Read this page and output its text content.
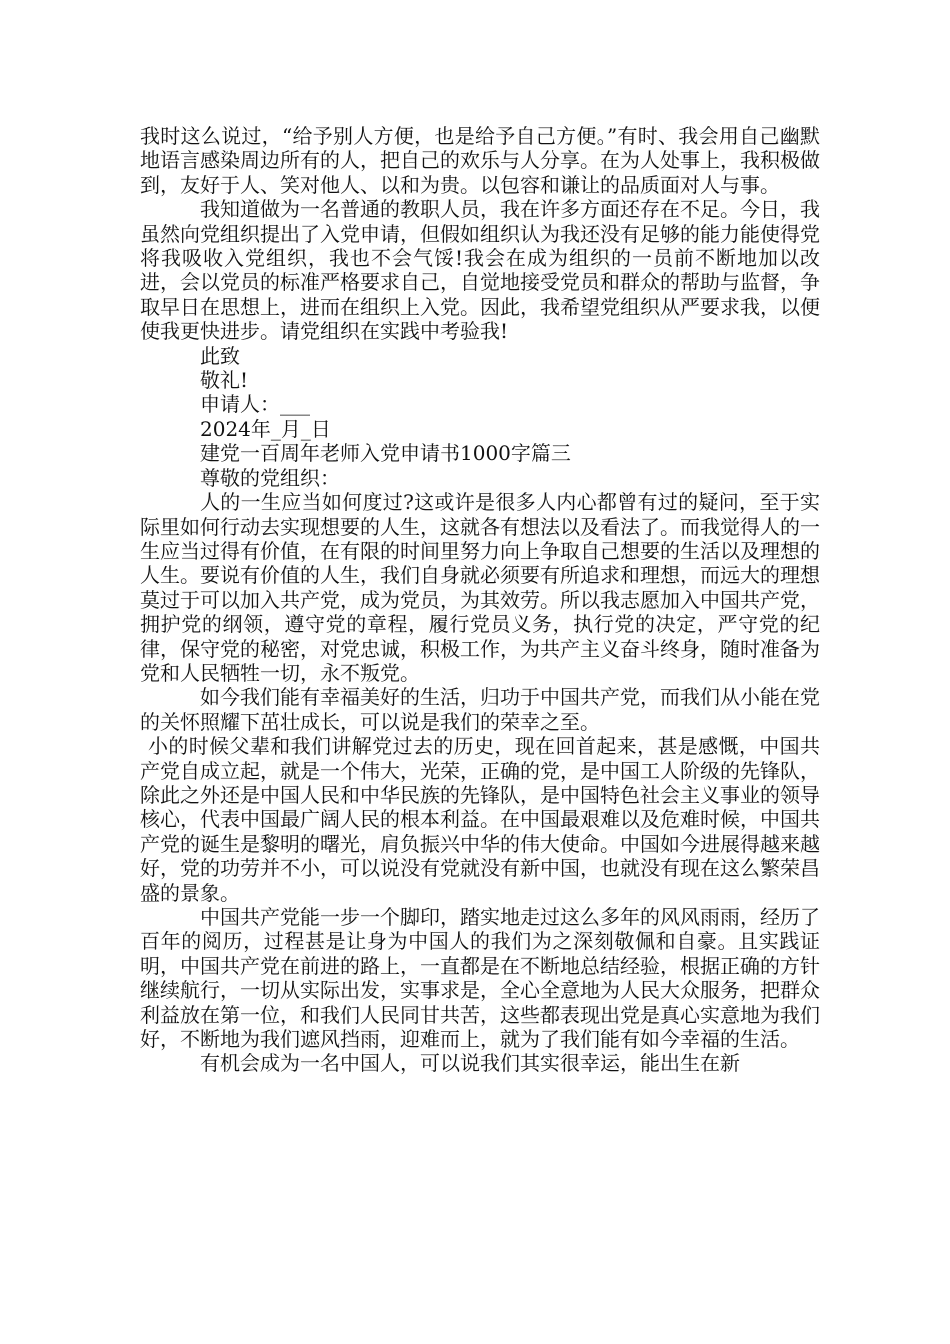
我时这么说过，“给予别人方便，也是给予自己方便。”有时、我会用自己幽默地语言感染周边所有的人，把自己的欢乐与人分享。在为人处事上，我积极做到，友好于人、笑对他人、以和为贵。以包容和谦让的品质面对人与事。

我知道做为一名普通的教职人员，我在许多方面还存在不足。今日，我虽然向党组织提出了入党申请，但假如组织认为我还没有足够的能力能使得党将我吸收入党组织，我也不会气馁!我会在成为组织的一员前不断地加以改进，会以党员的标准严格要求自己，自觉地接受党员和群众的帮助与监督，争取早日在思想上，进而在组织上入党。因此，我希望党组织从严要求我，以便使我更快进步。请党组织在实践中考验我!

此致
敬礼!
申请人：___
2024年_月_日
建党一百周年老师入党申请书1000字篇三
尊敬的党组织：

人的一生应当如何度过?这或许是很多人内心都曾有过的疑问，至于实际里如何行动去实现想要的人生，这就各有想法以及看法了。而我觉得人的一生应当过得有价值，在有限的时间里努力向上争取自己想要的生活以及理想的人生。要说有价值的人生，我们自身就必须要有所追求和理想，而远大的理想莫过于可以加入共产党，成为党员，为其效劳。所以我志愿加入中国共产党，拥护党的纲领，遵守党的章程，履行党员义务，执行党的决定，严守党的纪律，保守党的秘密，对党忠诚，积极工作，为共产主义奋斗终身，随时准备为党和人民牺牲一切，永不叛党。

如今我们能有幸福美好的生活，归功于中国共产党，而我们从小能在党的关怀照耀下茁壮成长，可以说是我们的荣幸之至。

小的时候父辈和我们讲解党过去的历史，现在回首起来，甚是感慨，中国共产党自成立起，就是一个伟大，光荣，正确的党，是中国工人阶级的先锋队，除此之外还是中国人民和中华民族的先锋队，是中国特色社会主义事业的领导核心，代表中国最广阔人民的根本利益。在中国最艰难以及危难时候，中国共产党的诞生是黎明的曙光，肩负振兴中华的伟大使命。中国如今进展得越来越好，党的功劳并不小，可以说没有党就没有新中国，也就没有现在这么繁荣昌盛的景象。

中国共产党能一步一个脚印，踏实地走过这么多年的风风雨雨，经历了百年的阅历，过程甚是让身为中国人的我们为之深刻敬佩和自豪。且实践证明，中国共产党在前进的路上，一直都是在不断地总结经验，根据正确的方针继续航行，一切从实际出发，实事求是，全心全意地为人民大众服务，把群众利益放在第一位，和我们人民同甘共苦，这些都表现出党是真心实意地为我们好，不断地为我们遮风挡雨，迎难而上，就为了我们能有如今幸福的生活。

有机会成为一名中国人，可以说我们其实很幸运，能出生在新
